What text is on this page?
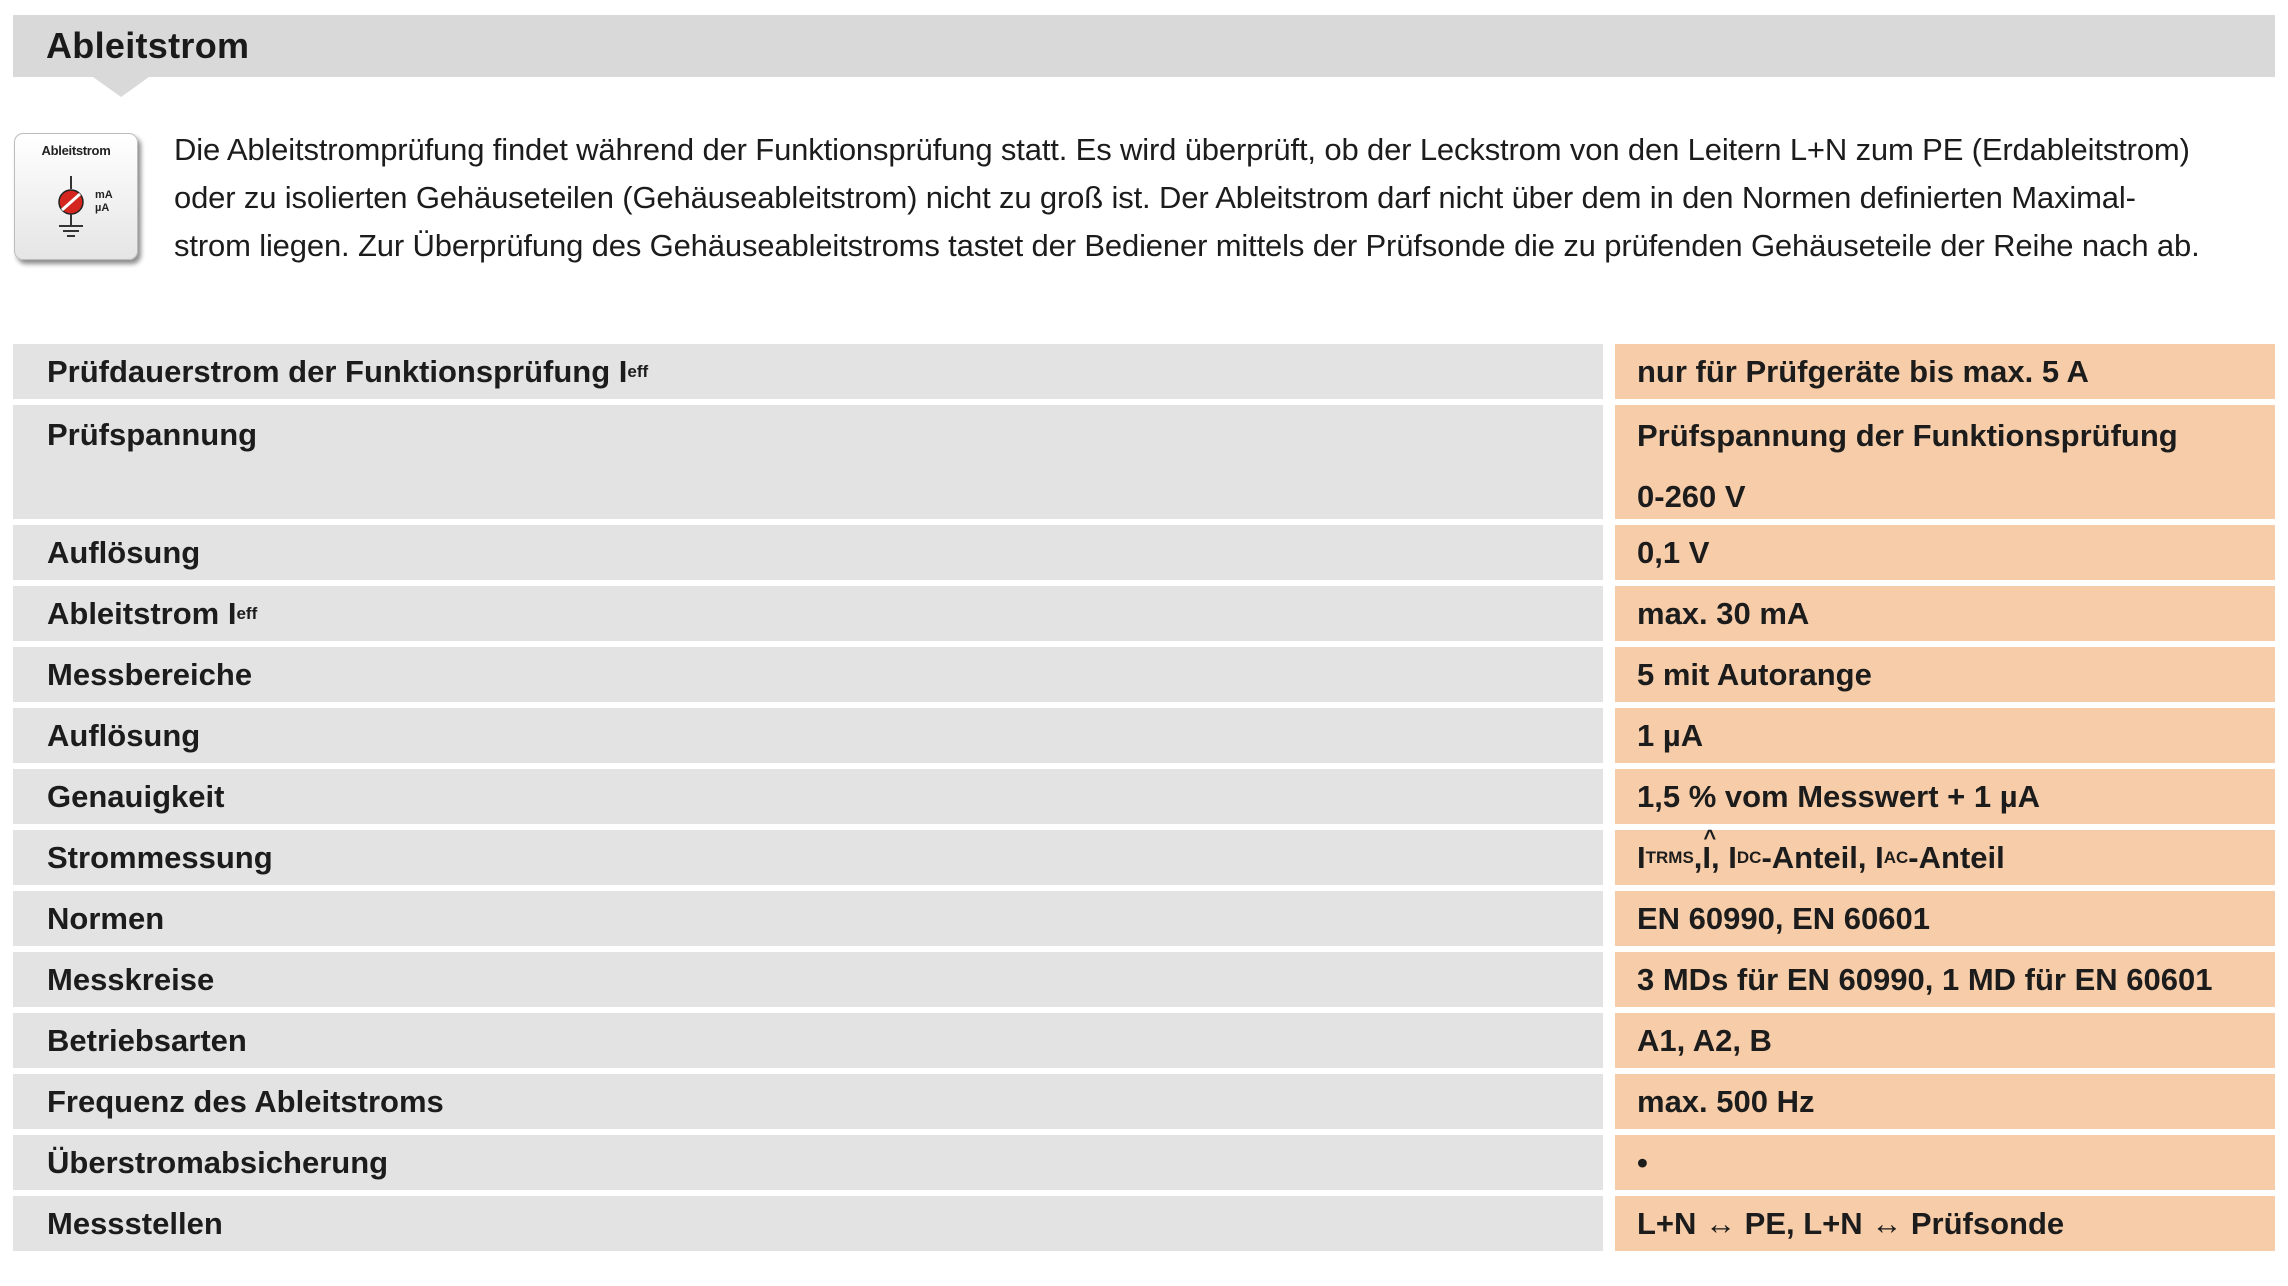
Ableitstrom
Ableitstrom
mA
µA

Die Ableitstromprüfung findet während der Funktionsprüfung statt. Es wird überprüft, ob der Leckstrom von den Leitern L+N zum PE (Erdableitstrom)

oder zu isolierten Gehäuseteilen (Gehäuseableitstrom) nicht zu groß ist. Der Ableitstrom darf nicht über dem in den Normen definierten Maximal-

strom liegen. Zur Überprüfung des Gehäuseableitstroms tastet der Bediener mittels der Prüfsonde die zu prüfenden Gehäuseteile der Reihe nach ab.

Prüfdauerstrom der Funktionsprüfung I eff	nur für Prüfgeräte bis max. 5 A
Prüfspannung	Prüfspannung der Funktionsprüfung
0-260 V
Auflösung	0,1 V
Ableitstrom I eff	max. 30 mA
Messbereiche	5 mit Autorange
Auflösung	1 µA
Genauigkeit	1,5 % vom Messwert + 1 µA
Strommessung	I TRMS ,
^ I , I DC -Anteil, I AC -Anteil
Normen	EN 60990, EN 60601
Messkreise	3 MDs für EN 60990, 1 MD für EN 60601
Betriebsarten	A1, A2, B
Frequenz des Ableitstroms	max. 500 Hz
Überstromabsicherung	•
Messstellen	L+N ↔ PE, L+N ↔ Prüfsonde
